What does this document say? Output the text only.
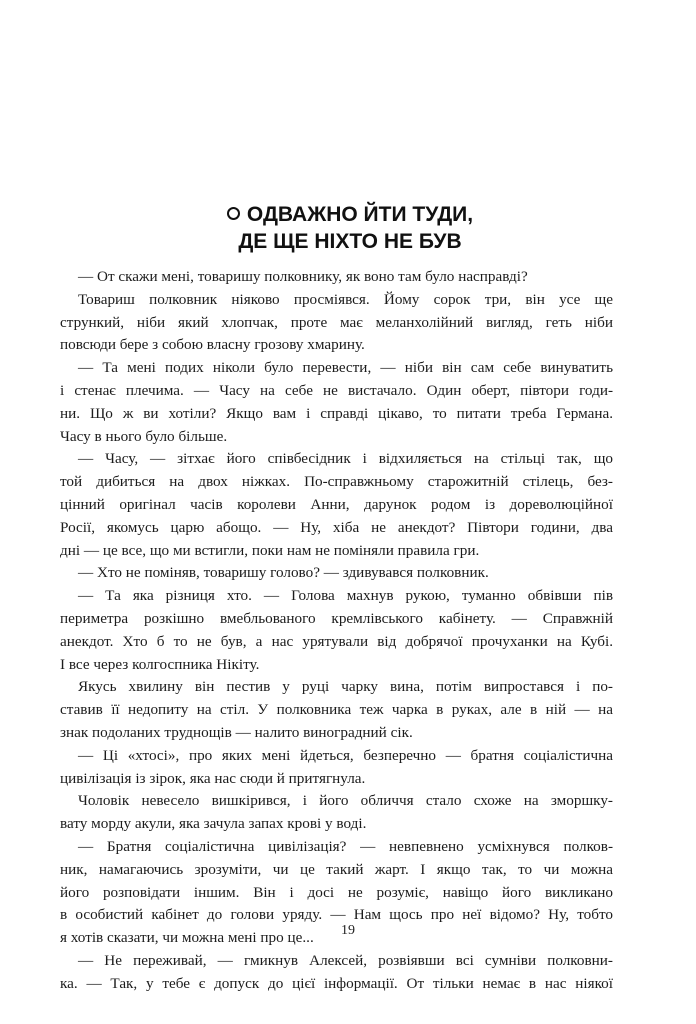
ОДВАЖНО ЙТИ ТУДИ,
ДЕ ЩЕ НІХТО НЕ БУВ
— От скажи мені, товаришу полковнику, як воно там було насправді?
Товариш полковник ніяково просміявся. Йому сорок три, він усе ще
стрункий, ніби який хлопчак, проте має меланхолійний вигляд, геть ніби
повсюди бере з собою власну грозову хмарину.
— Та мені подих ніколи було перевести, — ніби він сам себе винуватить
і стенає плечима. — Часу на себе не вистачало. Один оберт, півтори годи-
ни. Що ж ви хотіли? Якщо вам і справді цікаво, то питати треба Германа.
Часу в нього було більше.
— Часу, — зітхає його співбесідник і відхиляється на стільці так, що
той дибиться на двох ніжках. По-справжньому старожитній стілець, без-
цінний оригінал часів королеви Анни, дарунок родом із дореволюційної
Росії, якомусь царю абощо. — Ну, хіба не анекдот? Півтори години, два
дні — це все, що ми встигли, поки нам не поміняли правила гри.
— Хто не поміняв, товаришу голово? — здивувався полковник.
— Та яка різниця хто. — Голова махнув рукою, туманно обвівши пів
периметра розкішно вмебльованого кремлівського кабінету. — Справжній
анекдот. Хто б то не був, а нас урятували від добрячої прочуханки на Кубі.
І все через колгоспника Нікіту.
Якусь хвилину він пестив у руці чарку вина, потім випростався і по-
ставив її недопиту на стіл. У полковника теж чарка в руках, але в ній — на
знак подоланих труднощів — налито виноградний сік.
— Ці «хтосі», про яких мені йдеться, безперечно — братня соціалістична
цивілізація із зірок, яка нас сюди й притягнула.
Чоловік невесело вишкірився, і його обличчя стало схоже на зморшку-
вату морду акули, яка зачула запах крові у воді.
— Братня соціалістична цивілізація? — невпевнено усміхнувся полков-
ник, намагаючись зрозуміти, чи це такий жарт. І якщо так, то чи можна
його розповідати іншим. Він і досі не розуміє, навіщо його викликано
в особистий кабінет до голови уряду. — Нам щось про неї відомо? Ну, тобто
я хотів сказати, чи можна мені про це...
— Не переживай, — гмикнув Алексей, розвіявши всі сумніви полковни-
ка. — Так, у тебе є допуск до цієї інформації. От тільки немає в нас ніякої
19
